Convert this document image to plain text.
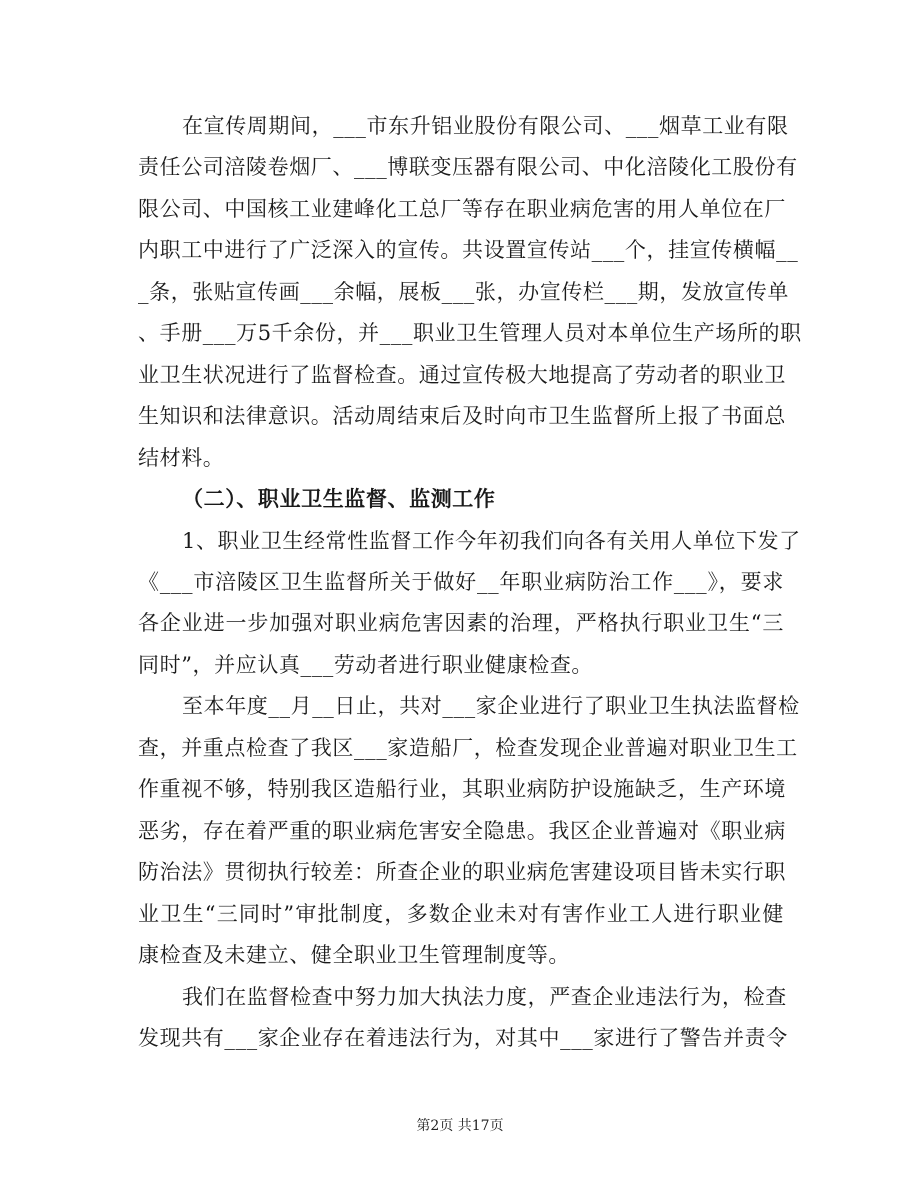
在宣传周期间，___市东升铝业股份有限公司、___烟草工业有限
责任公司涪陵卷烟厂、___博联变压器有限公司、中化涪陵化工股份有
限公司、中国核工业建峰化工总厂等存在职业病危害的用人单位在厂
内职工中进行了广泛深入的宣传。共设置宣传站___个，挂宣传横幅__
_条，张贴宣传画___余幅，展板___张，办宣传栏___期，发放宣传单
、手册___万5千余份，并___职业卫生管理人员对本单位生产场所的职
业卫生状况进行了监督检查。通过宣传极大地提高了劳动者的职业卫
生知识和法律意识。活动周结束后及时向市卫生监督所上报了书面总
结材料。
（二）、职业卫生监督、监测工作
1、职业卫生经常性监督工作今年初我们向各有关用人单位下发了
《___市涪陵区卫生监督所关于做好__年职业病防治工作___》，要求
各企业进一步加强对职业病危害因素的治理，严格执行职业卫生“三
同时”，并应认真___劳动者进行职业健康检查。
至本年度__月__日止，共对___家企业进行了职业卫生执法监督检
查，并重点检查了我区___家造船厂，检查发现企业普遍对职业卫生工
作重视不够，特别我区造船行业，其职业病防护设施缺乏，生产环境
恶劣，存在着严重的职业病危害安全隐患。我区企业普遍对《职业病
防治法》贯彻执行较差：所查企业的职业病危害建设项目皆未实行职
业卫生“三同时”审批制度，多数企业未对有害作业工人进行职业健
康检查及未建立、健全职业卫生管理制度等。
我们在监督检查中努力加大执法力度，严查企业违法行为，检查
发现共有___家企业存在着违法行为，对其中___家进行了警告并责令
第2页 共17页
